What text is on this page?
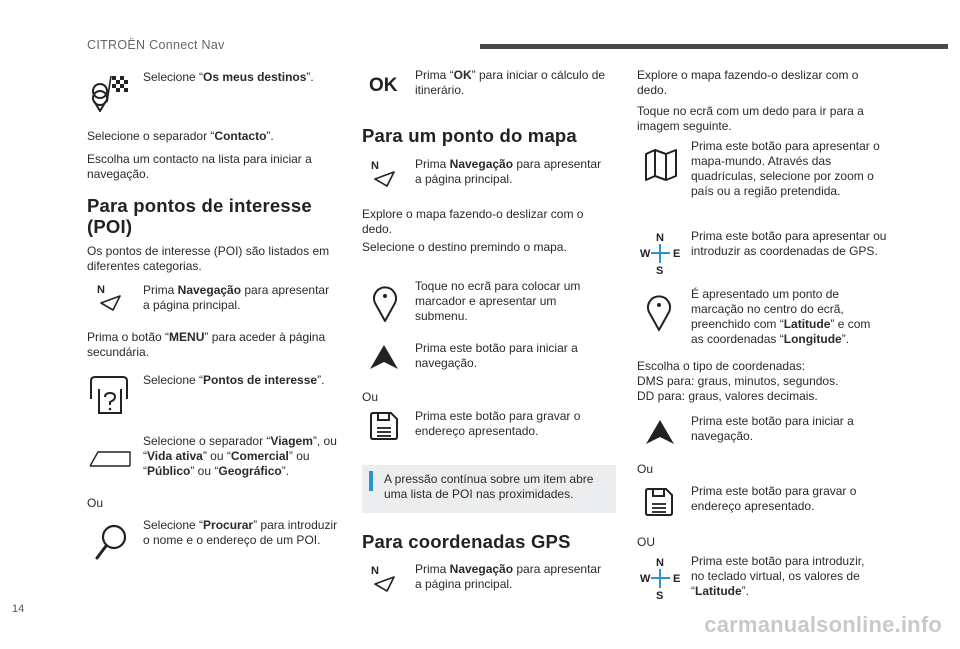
CITROËN Connect Nav
Selecione “Os meus destinos”.
Selecione o separador “Contacto”.
Escolha um contacto na lista para iniciar a navegação.
Para pontos de interesse
(POI)
Os pontos de interesse (POI) são listados em diferentes categorias.
N	Prima Navegação para apresentar a página principal.
Prima o botão “MENU” para aceder à página secundária.
Selecione “Pontos de interesse”.
Selecione o separador “Viagem”, ou “Vida ativa” ou “Comercial” ou “Público” ou “Geográfico”.
Ou
Selecione “Procurar” para introduzir o nome e o endereço de um POI.
OK Prima “OK” para iniciar o cálculo de itinerário.
Para um ponto do mapa
N	Prima Navegação para apresentar a página principal.
Explore o mapa fazendo-o deslizar com o dedo.
Selecione o destino premindo o mapa.
Toque no ecrã para colocar um marcador e apresentar um submenu.
Prima este botão para iniciar a navegação.
Ou
Prima este botão para gravar o endereço apresentado.
A pressão contínua sobre um item abre uma lista de POI nas proximidades.
Para coordenadas GPS
N	Prima Navegação para apresentar a página principal.
Explore o mapa fazendo-o deslizar com o dedo.
Toque no ecrã com um dedo para ir para a imagem seguinte.
Prima este botão para apresentar o mapa-mundo. Através das quadrículas, selecione por zoom o país ou a região pretendida.
N
S
W E
Prima este botão para apresentar ou introduzir as coordenadas de GPS.
É apresentado um ponto de marcação no centro do ecrã, preenchido com “Latitude” e com as coordenadas “Longitude”.
Escolha o tipo de coordenadas:
DMS para: graus, minutos, segundos.
DD para: graus, valores decimais.
Prima este botão para iniciar a navegação.
Ou
Prima este botão para gravar o endereço apresentado.
OU
N
S
W E
Prima este botão para introduzir, no teclado virtual, os valores de “Latitude”.
14
carmanualsonline.info
